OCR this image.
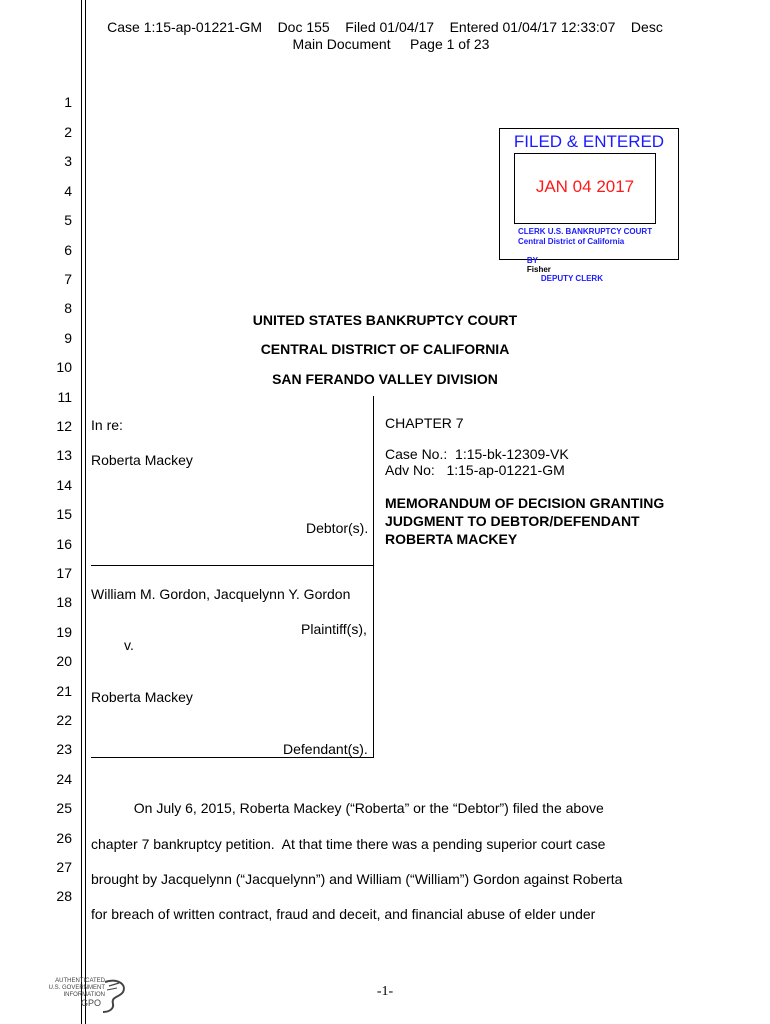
Case 1:15-ap-01221-GM    Doc 155    Filed 01/04/17    Entered 01/04/17 12:33:07    Desc
Main Document     Page 1 of 23
1
2
3
4
5
6
7
8
9
10
11
12
13
14
15
16
17
18
19
20
21
22
23
24
25
26
27
28
FILED & ENTERED
JAN 04 2017
CLERK U.S. BANKRUPTCY COURT
Central District of California

BY
Fisher
DEPUTY CLERK

UNITED STATES BANKRUPTCY COURT
CENTRAL DISTRICT OF CALIFORNIA
SAN FERANDO VALLEY DIVISION
In re:
Roberta Mackey
Debtor(s).
William M. Gordon, Jacquelynn Y. Gordon
Plaintiff(s),
v.
Roberta Mackey
Defendant(s).
CHAPTER 7
Case No.:  1:15-bk-12309-VK
Adv No:   1:15-ap-01221-GM
MEMORANDUM OF DECISION GRANTING
JUDGMENT TO DEBTOR/DEFENDANT
ROBERTA MACKEY
On July 6, 2015, Roberta Mackey (“Roberta” or the “Debtor”) filed the above
chapter 7 bankruptcy petition.  At that time there was a pending superior court case
brought by Jacquelynn (“Jacquelynn”) and William (“William”) Gordon against Roberta
for breach of written contract, fraud and deceit, and financial abuse of elder under
AUTHENTICATED
U.S. GOVERNMENT
INFORMATION
GPO
-1-
